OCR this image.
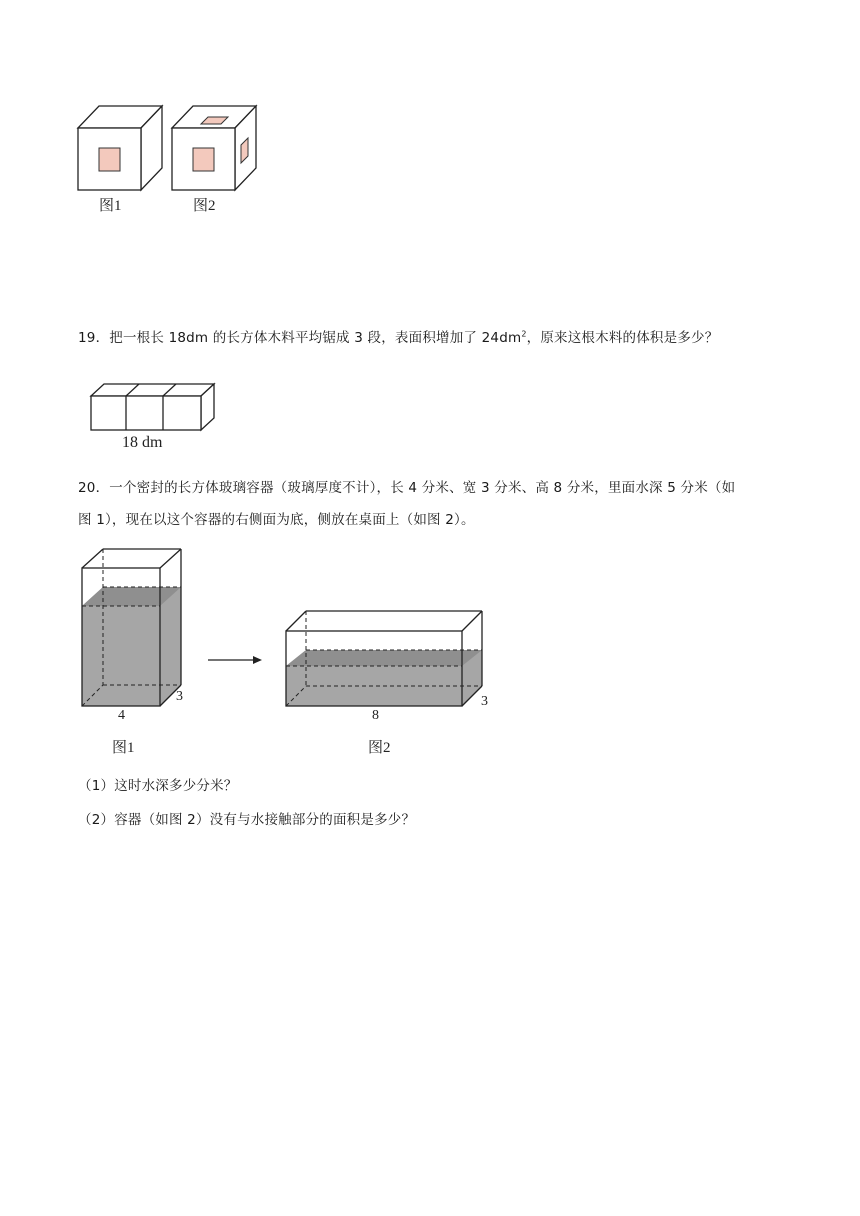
图1	图2
19．把一根长 18dm 的长方体木料平均锯成 3 段，表面积增加了 $24dm^2$，原来这根木料的体积是多少？
18 dm
20．一个密封的长方体玻璃容器（玻璃厚度不计），长 4 分米、宽 3 分米、高 8 分米，里面水深 5 分米（如
图 1），现在以这个容器的右侧面为底，侧放在桌面上（如图 2）。
4
3
图1
8
3
图2
（1）这时水深多少分米？
（2）容器（如图 2）没有与水接触部分的面积是多少？
